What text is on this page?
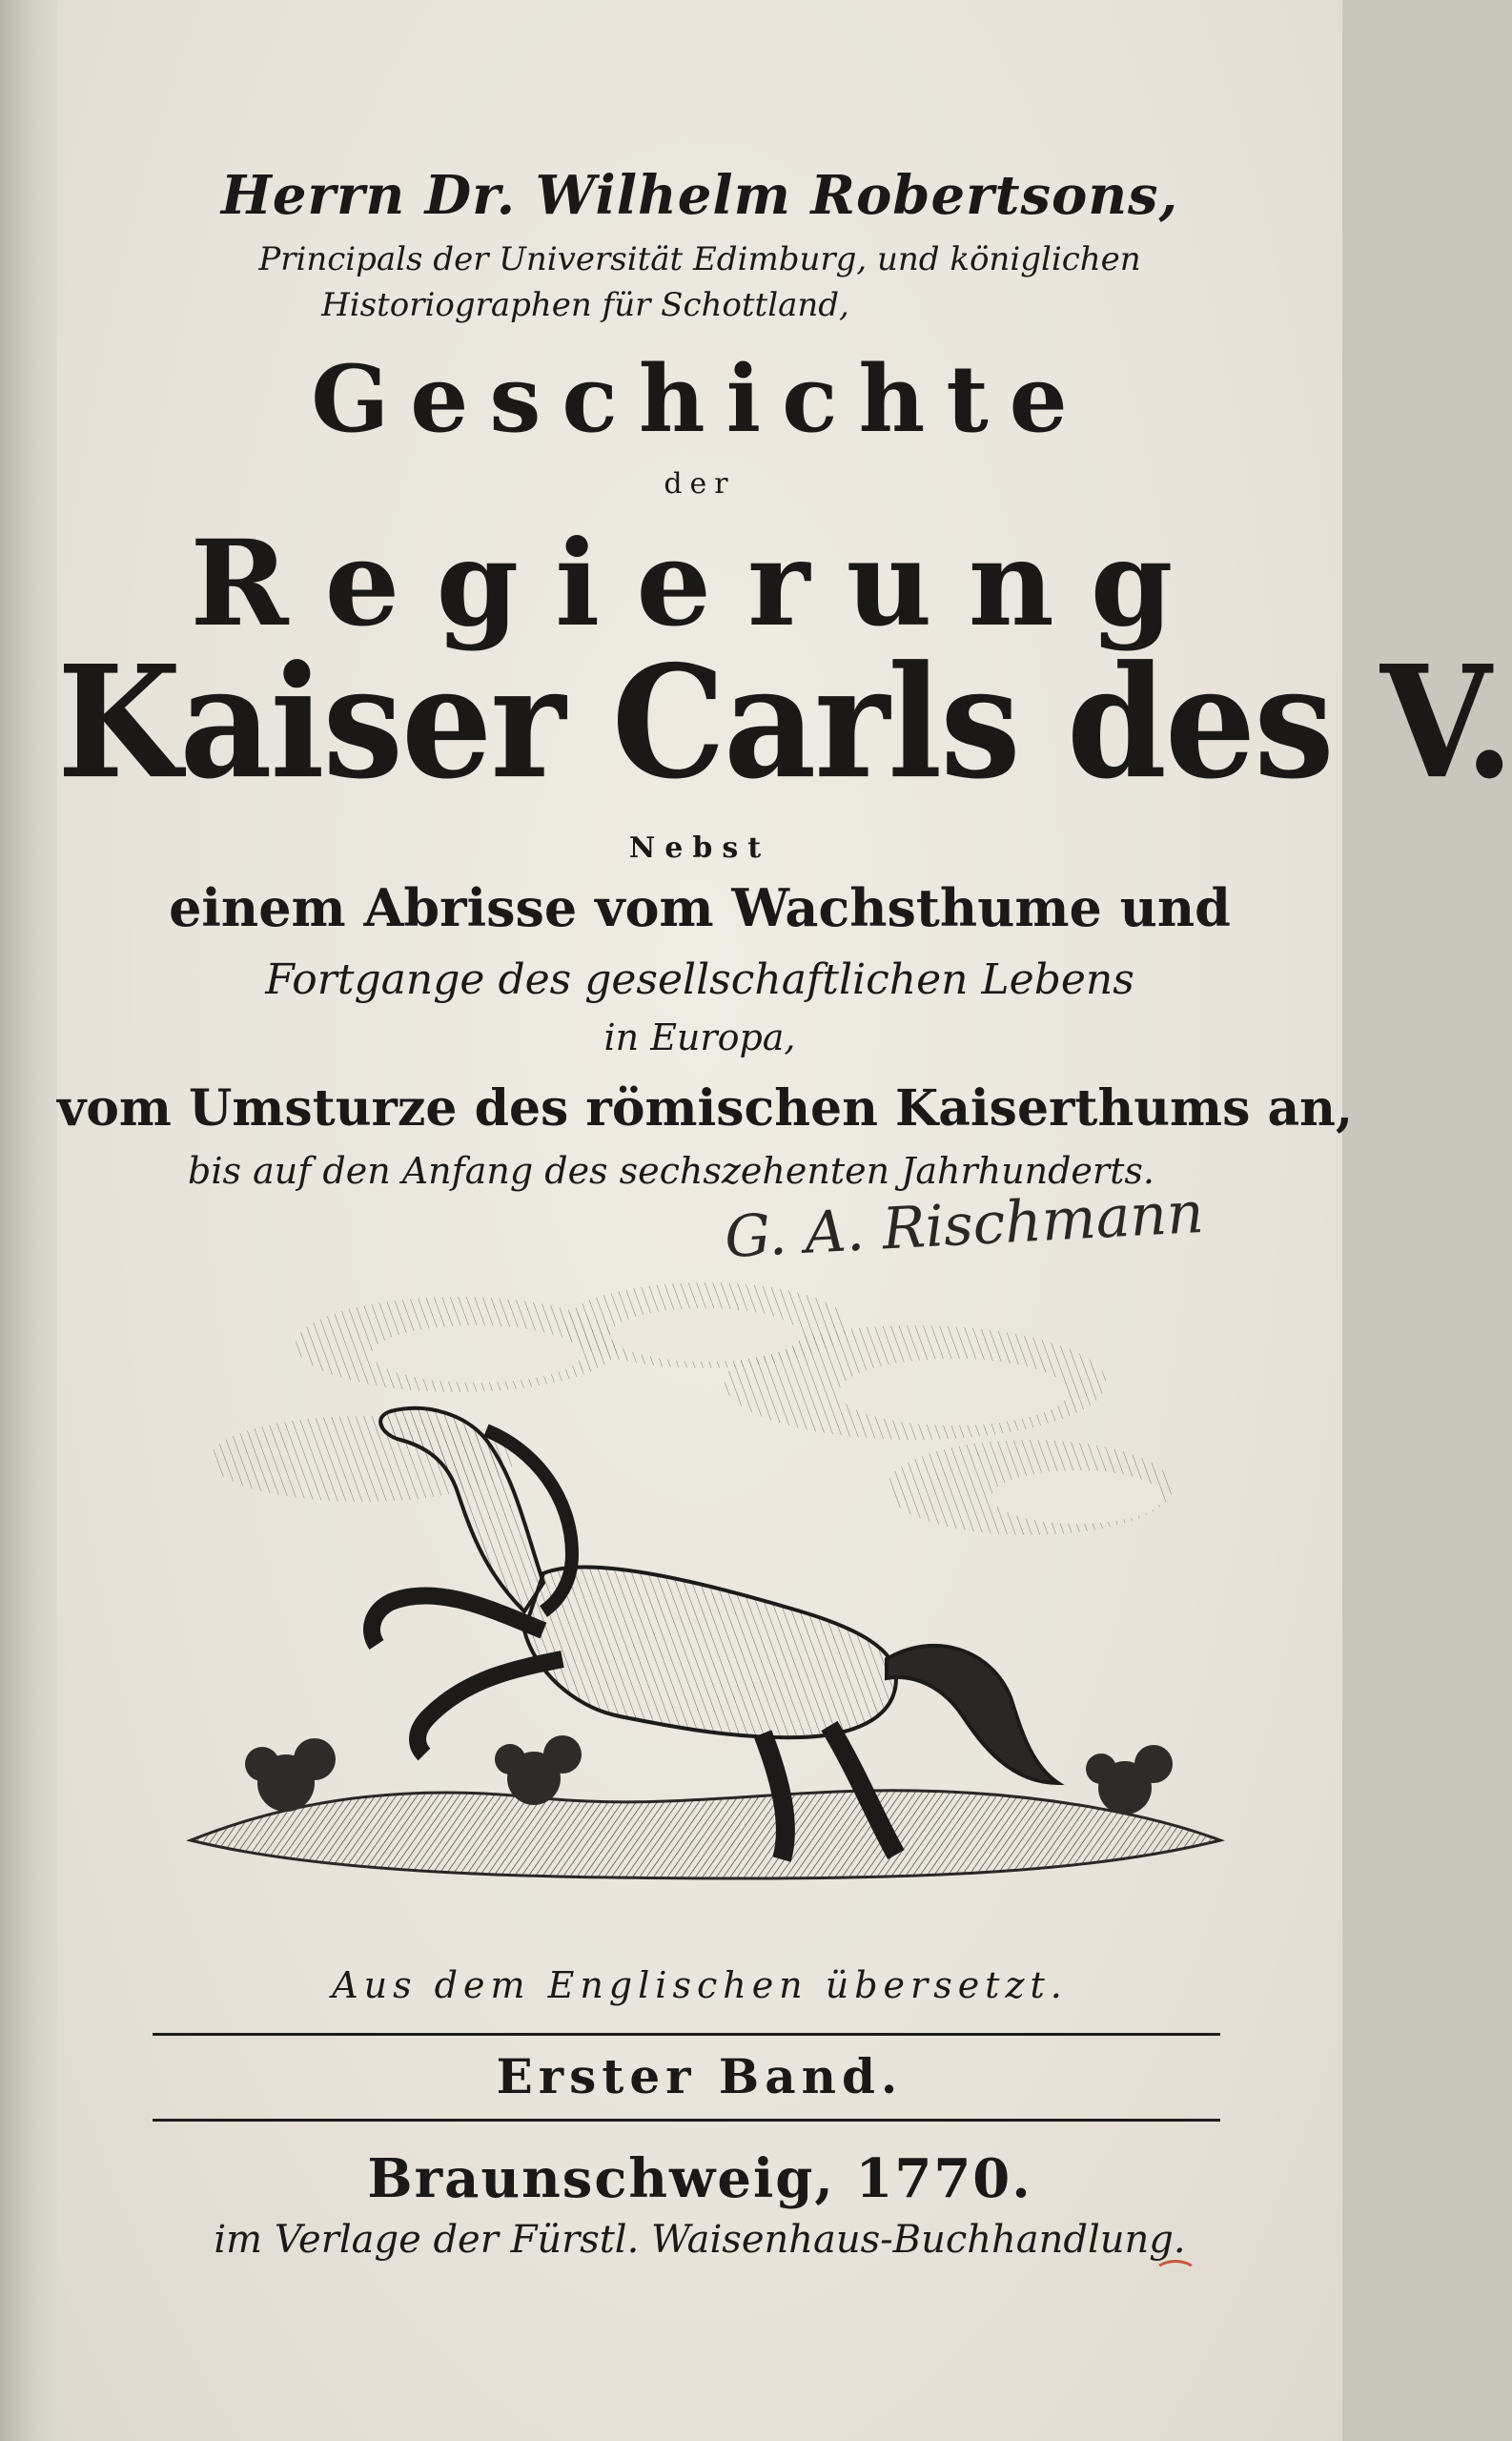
Herrn Dr. Wilhelm Robertsons,
Principals der Universität Edimburg, und königlichen
Historiographen für Schottland,
Geschichte
der
Regierung
Kaiser Carls des V.
Nebst
einem Abrisse vom Wachsthume und
Fortgange des gesellschaftlichen Lebens
in Europa,
vom Umsturze des römischen Kaiserthums an,
bis auf den Anfang des sechszehenten Jahrhunderts.
G. A. Rischmann
Aus dem Englischen übersetzt.
Erster Band.
Braunschweig, 1770.
im Verlage der Fürstl. Waisenhaus-Buchhandlung.
